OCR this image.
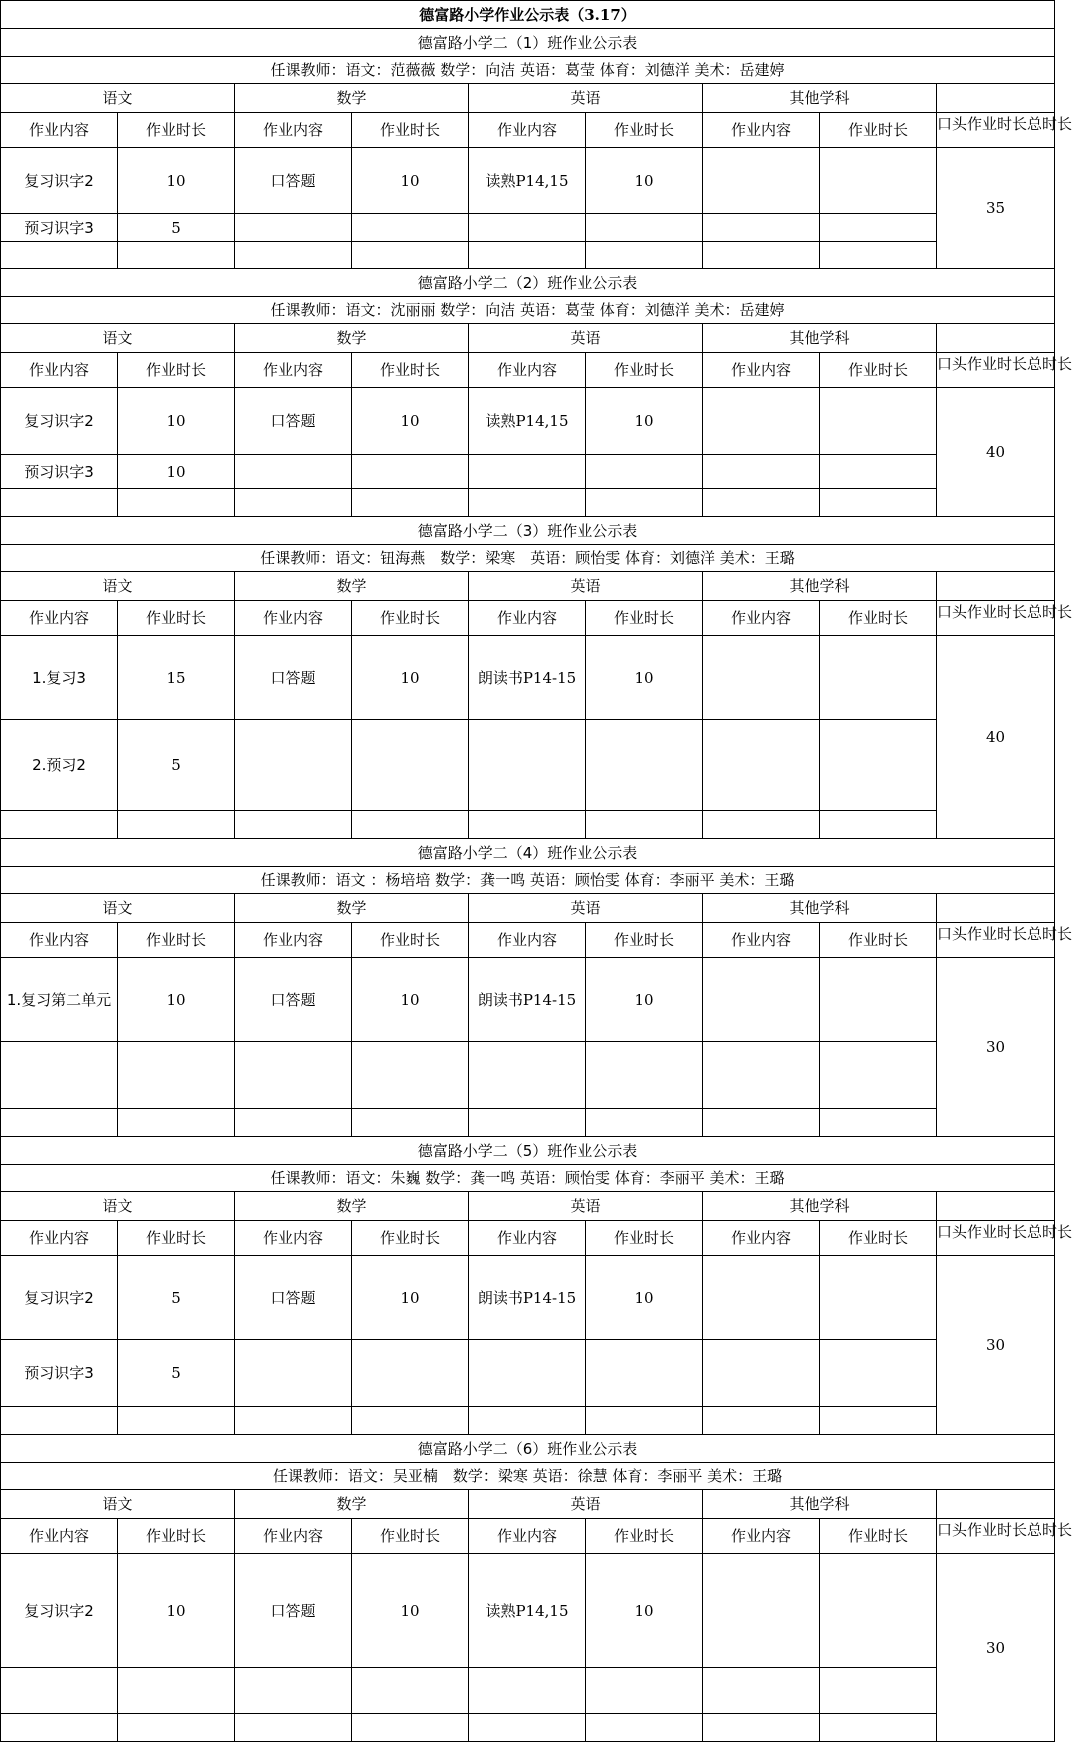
德富路小学作业公示表（3.17）								
德富路小学二（1）班作业公示表								
任课教师：语文：范薇薇 数学：向洁 英语：葛莹 体育：刘德洋 美术：岳建婷								
语文		数学		英语		其他学科		
作业内容	作业时长	作业内容	作业时长	作业内容	作业时长	作业内容	作业时长	口头作业时长总时长

复习识字2	10	口答题	10	读熟P14,15	10			35
预习识字3	5							

德富路小学二（2）班作业公示表								
任课教师：语文：沈丽丽 数学：向洁 英语：葛莹 体育：刘德洋 美术：岳建婷								
语文		数学		英语		其他学科		
作业内容	作业时长	作业内容	作业时长	作业内容	作业时长	作业内容	作业时长	口头作业时长总时长

复习识字2	10	口答题	10	读熟P14,15	10			40
预习识字3	10							

德富路小学二（3）班作业公示表								
任课教师：语文：钮海燕　数学：梁寒　英语：顾怡雯 体育：刘德洋 美术：王璐								
语文		数学		英语		其他学科		
作业内容	作业时长	作业内容	作业时长	作业内容	作业时长	作业内容	作业时长	口头作业时长总时长

1.复习3	15	口答题	10	朗读书P14-15	10			40
2.预习2	5							

德富路小学二（4）班作业公示表								
任课教师：语文 ：杨培培 数学：龚一鸣 英语：顾怡雯 体育：李丽平 美术：王璐								
语文		数学		英语		其他学科		
作业内容	作业时长	作业内容	作业时长	作业内容	作业时长	作业内容	作业时长	口头作业时长总时长

1.复习第二单元	10	口答题	10	朗读书P14-15	10			30

德富路小学二（5）班作业公示表								
任课教师：语文：朱巍 数学：龚一鸣 英语：顾怡雯 体育：李丽平 美术：王璐								
语文		数学		英语		其他学科		
作业内容	作业时长	作业内容	作业时长	作业内容	作业时长	作业内容	作业时长	口头作业时长总时长

复习识字2	5	口答题	10	朗读书P14-15	10			30
预习识字3	5							

德富路小学二（6）班作业公示表								
任课教师：语文：吴亚楠　数学：梁寒 英语：徐慧 体育：李丽平 美术：王璐								
语文		数学		英语		其他学科		
作业内容	作业时长	作业内容	作业时长	作业内容	作业时长	作业内容	作业时长	口头作业时长总时长

复习识字2	10	口答题	10	读熟P14,15	10			30
